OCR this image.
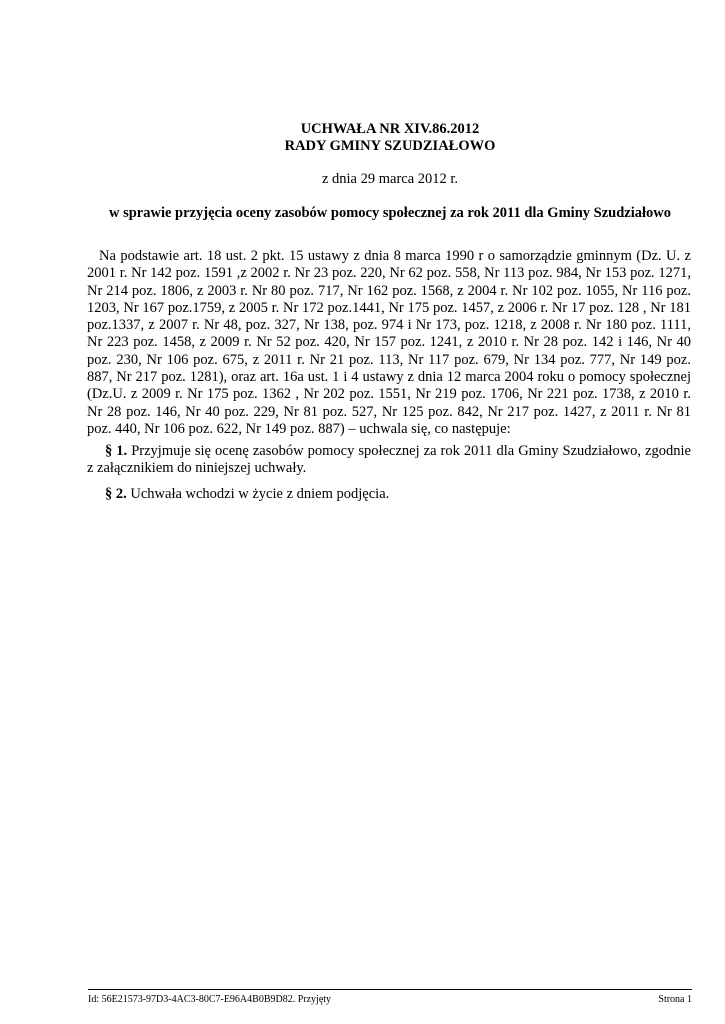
UCHWAŁA NR XIV.86.2012
RADY GMINY SZUDZIAŁOWO
z dnia 29 marca 2012 r.
w sprawie przyjęcia oceny zasobów pomocy społecznej za rok 2011 dla Gminy Szudziałowo
Na podstawie art. 18 ust. 2 pkt. 15 ustawy z dnia 8 marca 1990 r o samorządzie gminnym (Dz. U. z 2001 r. Nr 142 poz. 1591 ,z 2002 r. Nr 23 poz. 220, Nr 62 poz. 558, Nr 113 poz. 984, Nr 153 poz. 1271, Nr 214 poz. 1806, z 2003 r. Nr 80 poz. 717, Nr 162 poz. 1568, z 2004 r. Nr 102 poz. 1055, Nr 116 poz. 1203, Nr 167 poz.1759, z 2005 r. Nr 172 poz.1441, Nr 175 poz. 1457, z 2006 r. Nr 17 poz. 128 , Nr 181 poz.1337, z 2007 r. Nr 48, poz. 327, Nr 138, poz. 974 i Nr 173, poz. 1218, z 2008 r. Nr 180 poz. 1111, Nr 223 poz. 1458, z 2009 r. Nr 52 poz. 420, Nr 157 poz. 1241, z 2010 r. Nr 28 poz. 142 i 146, Nr 40 poz. 230, Nr 106 poz. 675, z 2011 r. Nr 21 poz. 113, Nr 117 poz. 679, Nr 134 poz. 777, Nr 149 poz. 887, Nr 217 poz. 1281), oraz art. 16a ust. 1 i 4 ustawy z dnia 12 marca 2004 roku o pomocy społecznej (Dz.U. z 2009 r. Nr 175 poz. 1362 , Nr 202 poz. 1551, Nr 219 poz. 1706, Nr 221 poz. 1738, z 2010 r. Nr 28 poz. 146, Nr 40 poz. 229, Nr 81 poz. 527, Nr 125 poz. 842, Nr 217 poz. 1427, z 2011 r. Nr 81 poz. 440, Nr 106 poz. 622, Nr 149 poz. 887) – uchwala się, co następuje:
§ 1. Przyjmuje się ocenę zasobów pomocy społecznej za rok 2011 dla Gminy Szudziałowo, zgodnie z załącznikiem do niniejszej uchwały.
§ 2. Uchwała wchodzi w życie z dniem podjęcia.
Id: 56E21573-97D3-4AC3-80C7-E96A4B0B9D82. Przyjęty	Strona 1
